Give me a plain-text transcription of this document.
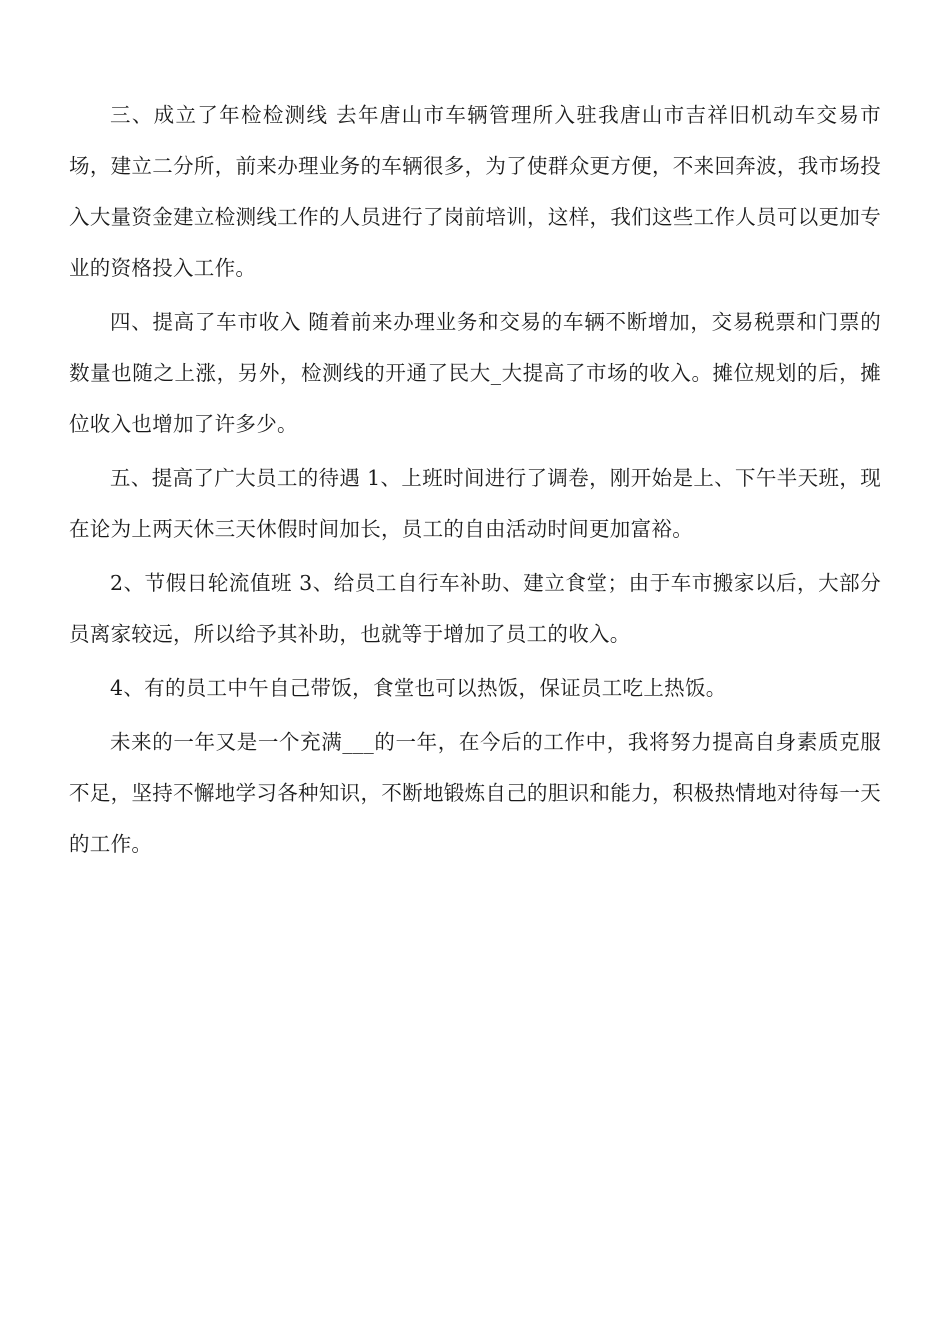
三、成立了年检检测线 去年唐山市车辆管理所入驻我唐山市吉祥旧机动车交易市场，建立二分所，前来办理业务的车辆很多，为了使群众更方便，不来回奔波，我市场投入大量资金建立检测线工作的人员进行了岗前培训，这样，我们这些工作人员可以更加专业的资格投入工作。

四、提高了车市收入 随着前来办理业务和交易的车辆不断增加，交易税票和门票的数量也随之上涨，另外，检测线的开通了民大_大提高了市场的收入。摊位规划的后，摊位收入也增加了许多少。

五、提高了广大员工的待遇 1、上班时间进行了调卷，刚开始是上、下午半天班，现在论为上两天休三天休假时间加长，员工的自由活动时间更加富裕。

2、节假日轮流值班 3、给员工自行车补助、建立食堂；由于车市搬家以后，大部分员离家较远，所以给予其补助，也就等于增加了员工的收入。

4、有的员工中午自己带饭，食堂也可以热饭，保证员工吃上热饭。

未来的一年又是一个充满___的一年，在今后的工作中，我将努力提高自身素质克服不足，坚持不懈地学习各种知识，不断地锻炼自己的胆识和能力，积极热情地对待每一天的工作。
